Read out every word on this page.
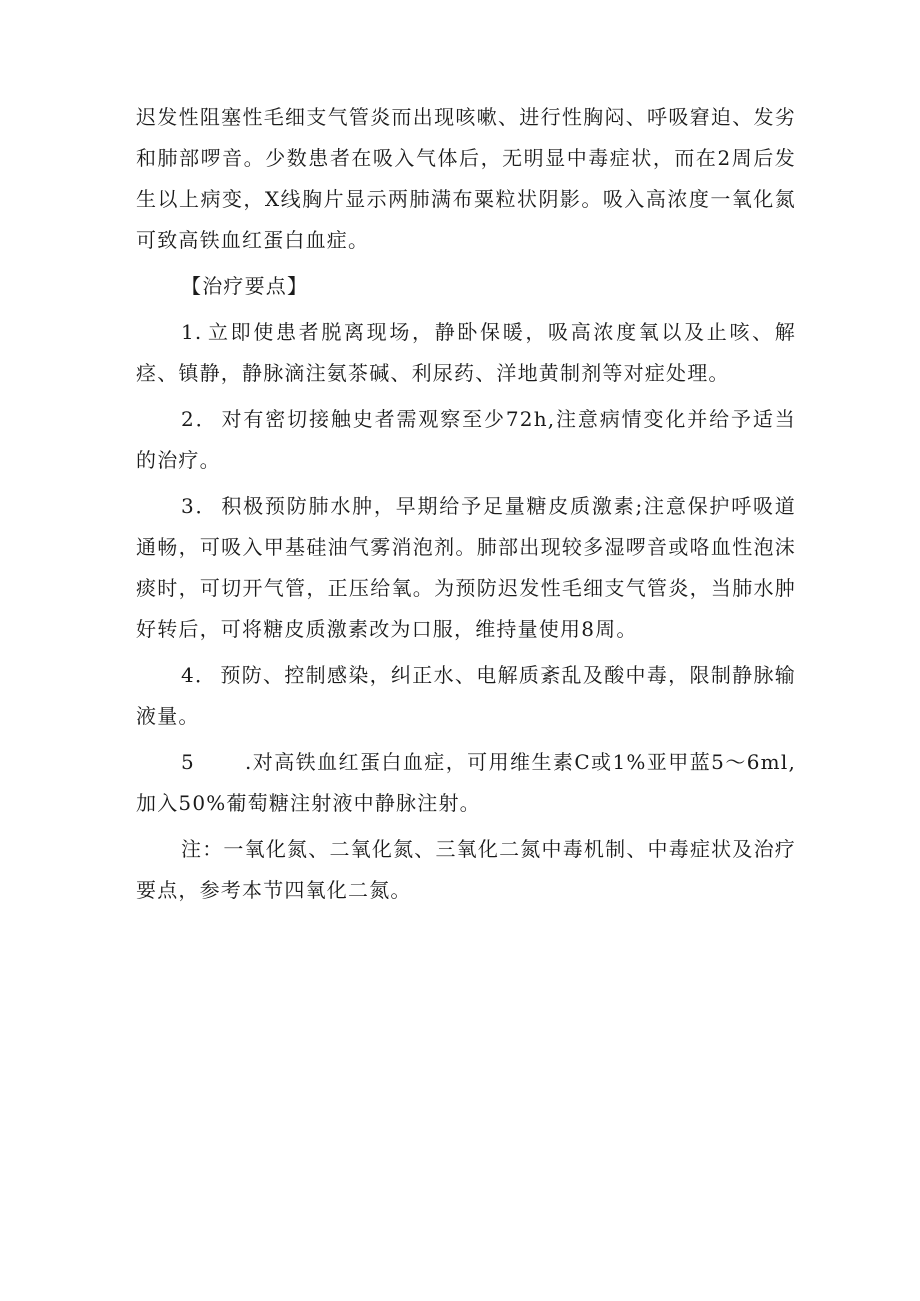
迟发性阻塞性毛细支气管炎而出现咳嗽、进行性胸闷、呼吸窘迫、发劣和肺部啰音。少数患者在吸入气体后，无明显中毒症状，而在2周后发生以上病变，X线胸片显示两肺满布粟粒状阴影。吸入高浓度一氧化氮可致高铁血红蛋白血症。

【治疗要点】

1. 立即使患者脱离现场，静卧保暖，吸高浓度氧以及止咳、解痉、镇静，静脉滴注氨茶碱、利尿药、洋地黄制剂等对症处理。

2． 对有密切接触史者需观察至少72h,注意病情变化并给予适当的治疗。

3． 积极预防肺水肿，早期给予足量糖皮质激素;注意保护呼吸道通畅，可吸入甲基硅油气雾消泡剂。肺部出现较多湿啰音或咯血性泡沫痰时，可切开气管，正压给氧。为预防迟发性毛细支气管炎，当肺水肿好转后，可将糖皮质激素改为口服，维持量使用8周。

4． 预防、控制感染，纠正水、电解质紊乱及酸中毒，限制静脉输液量。

5	.对高铁血红蛋白血症，可用维生素C或1%亚甲蓝5～6ml,加入50%葡萄糖注射液中静脉注射。

注：一氧化氮、二氧化氮、三氧化二氮中毒机制、中毒症状及治疗要点，参考本节四氧化二氮。
